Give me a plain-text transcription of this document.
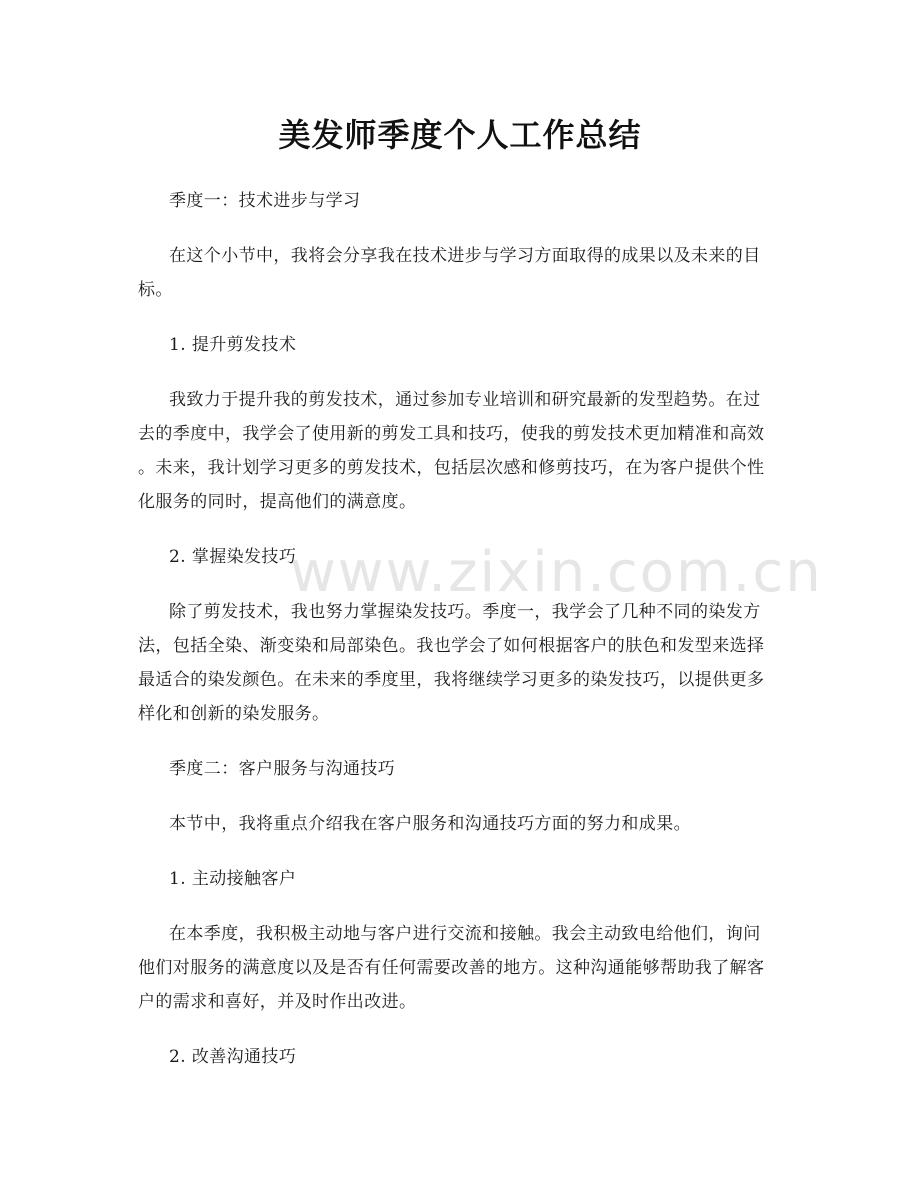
www.zixin.com.cn
美发师季度个人工作总结

季度一：技术进步与学习

在这个小节中，我将会分享我在技术进步与学习方面取得的成果以及未来的目

标。

1. 提升剪发技术

我致力于提升我的剪发技术，通过参加专业培训和研究最新的发型趋势。在过

去的季度中，我学会了使用新的剪发工具和技巧，使我的剪发技术更加精准和高效

。未来，我计划学习更多的剪发技术，包括层次感和修剪技巧，在为客户提供个性

化服务的同时，提高他们的满意度。

2. 掌握染发技巧

除了剪发技术，我也努力掌握染发技巧。季度一，我学会了几种不同的染发方

法，包括全染、渐变染和局部染色。我也学会了如何根据客户的肤色和发型来选择

最适合的染发颜色。在未来的季度里，我将继续学习更多的染发技巧，以提供更多

样化和创新的染发服务。

季度二：客户服务与沟通技巧

本节中，我将重点介绍我在客户服务和沟通技巧方面的努力和成果。

1. 主动接触客户

在本季度，我积极主动地与客户进行交流和接触。我会主动致电给他们，询问

他们对服务的满意度以及是否有任何需要改善的地方。这种沟通能够帮助我了解客

户的需求和喜好，并及时作出改进。

2. 改善沟通技巧
